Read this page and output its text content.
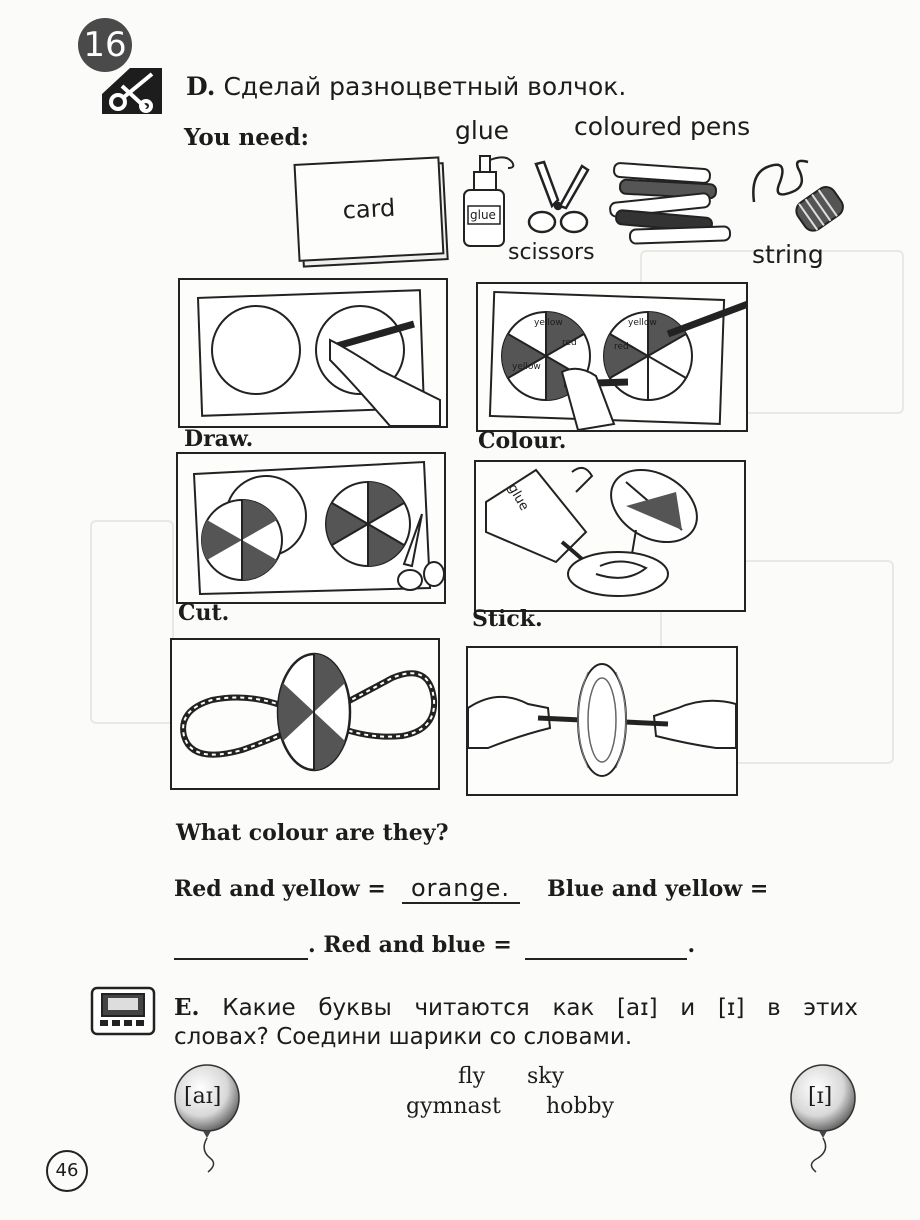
16
D. Сделай разноцветный волчок.
You need:	glue	coloured pens
scissors	string
card	glue
Draw.
yellow
red
yellow
yellow
red
Colour.
Cut.
glue
Stick.
What colour are they?
Red and yellow = orange. Blue and yellow =
. Red and blue =	.
E. Какие буквы читаются как [aɪ] и [ɪ] в этих
словах? Соедини шарики со словами.
fly sky
gymnast hobby
[aɪ]	[ɪ]
46
